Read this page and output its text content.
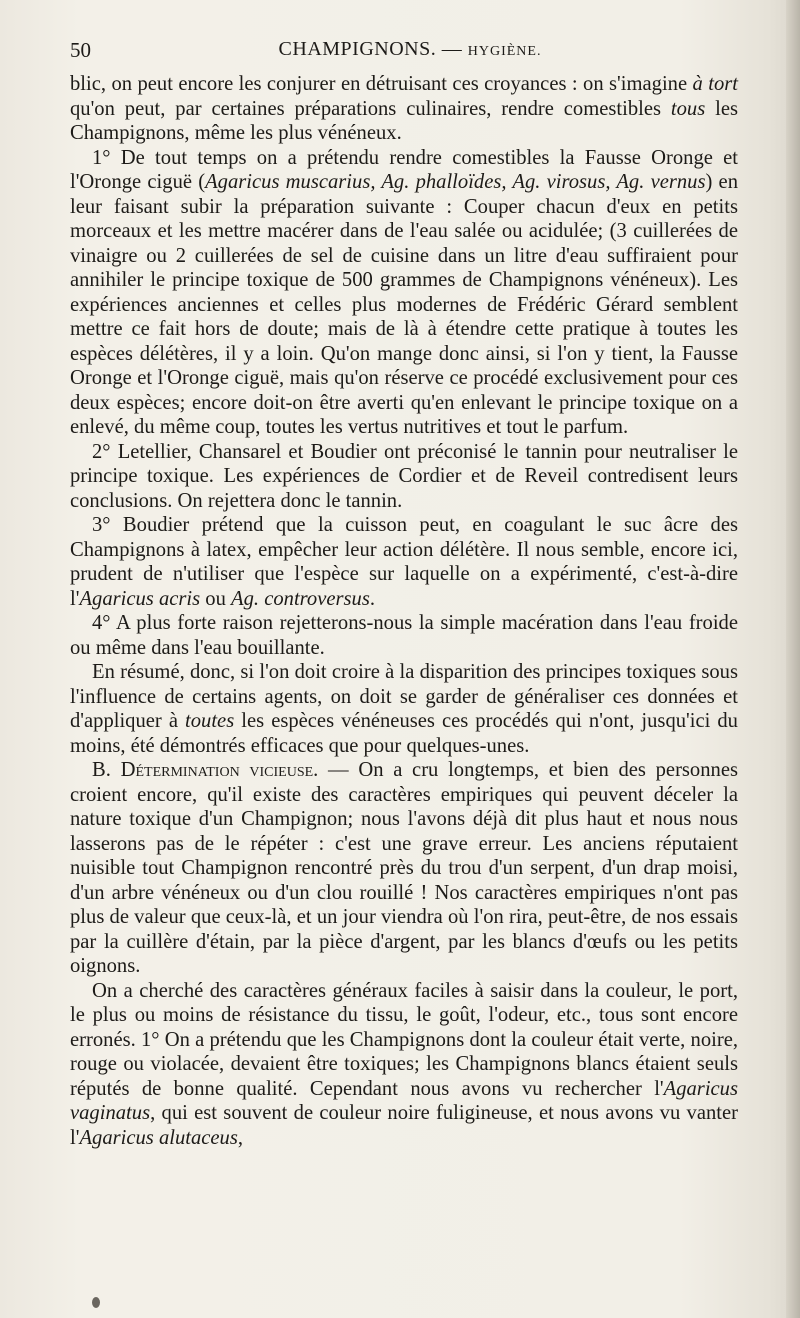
50	CHAMPIGNONS. — HYGIÈNE.

blic, on peut encore les conjurer en détruisant ces croyances : on s'imagine à tort qu'on peut, par certaines préparations culinaires, rendre comestibles tous les Champignons, même les plus vénéneux.

1° De tout temps on a prétendu rendre comestibles la Fausse Oronge et l'Oronge ciguë (Agaricus muscarius, Ag. phalloïdes, Ag. virosus, Ag. vernus) en leur faisant subir la préparation suivante : Couper chacun d'eux en petits morceaux et les mettre macérer dans de l'eau salée ou acidulée; (3 cuillerées de vinaigre ou 2 cuillerées de sel de cuisine dans un litre d'eau suffiraient pour annihiler le principe toxique de 500 grammes de Champignons vénéneux). Les expériences anciennes et celles plus modernes de Frédéric Gérard semblent mettre ce fait hors de doute; mais de là à étendre cette pratique à toutes les espèces délétères, il y a loin. Qu'on mange donc ainsi, si l'on y tient, la Fausse Oronge et l'Oronge ciguë, mais qu'on réserve ce procédé exclusivement pour ces deux espèces; encore doit-on être averti qu'en enlevant le principe toxique on a enlevé, du même coup, toutes les vertus nutritives et tout le parfum.

2° Letellier, Chansarel et Boudier ont préconisé le tannin pour neutraliser le principe toxique. Les expériences de Cordier et de Reveil contredisent leurs conclusions. On rejettera donc le tannin.

3° Boudier prétend que la cuisson peut, en coagulant le suc âcre des Champignons à latex, empêcher leur action délétère. Il nous semble, encore ici, prudent de n'utiliser que l'espèce sur laquelle on a expérimenté, c'est-à-dire l'Agaricus acris ou Ag. controversus.

4° A plus forte raison rejetterons-nous la simple macération dans l'eau froide ou même dans l'eau bouillante.

En résumé, donc, si l'on doit croire à la disparition des principes toxiques sous l'influence de certains agents, on doit se garder de généraliser ces données et d'appliquer à toutes les espèces vénéneuses ces procédés qui n'ont, jusqu'ici du moins, été démontrés efficaces que pour quelques-unes.

B. Détermination vicieuse. — On a cru longtemps, et bien des personnes croient encore, qu'il existe des caractères empiriques qui peuvent déceler la nature toxique d'un Champignon; nous l'avons déjà dit plus haut et nous nous lasserons pas de le répéter : c'est une grave erreur. Les anciens réputaient nuisible tout Champignon rencontré près du trou d'un serpent, d'un drap moisi, d'un arbre vénéneux ou d'un clou rouillé ! Nos caractères empiriques n'ont pas plus de valeur que ceux-là, et un jour viendra où l'on rira, peut-être, de nos essais par la cuillère d'étain, par la pièce d'argent, par les blancs d'œufs ou les petits oignons.

On a cherché des caractères généraux faciles à saisir dans la couleur, le port, le plus ou moins de résistance du tissu, le goût, l'odeur, etc., tous sont encore erronés. 1° On a prétendu que les Champignons dont la couleur était verte, noire, rouge ou violacée, devaient être toxiques; les Champignons blancs étaient seuls réputés de bonne qualité. Cependant nous avons vu rechercher l'Agaricus vaginatus, qui est souvent de couleur noire fuligineuse, et nous avons vu vanter l'Agaricus alutaceus,
